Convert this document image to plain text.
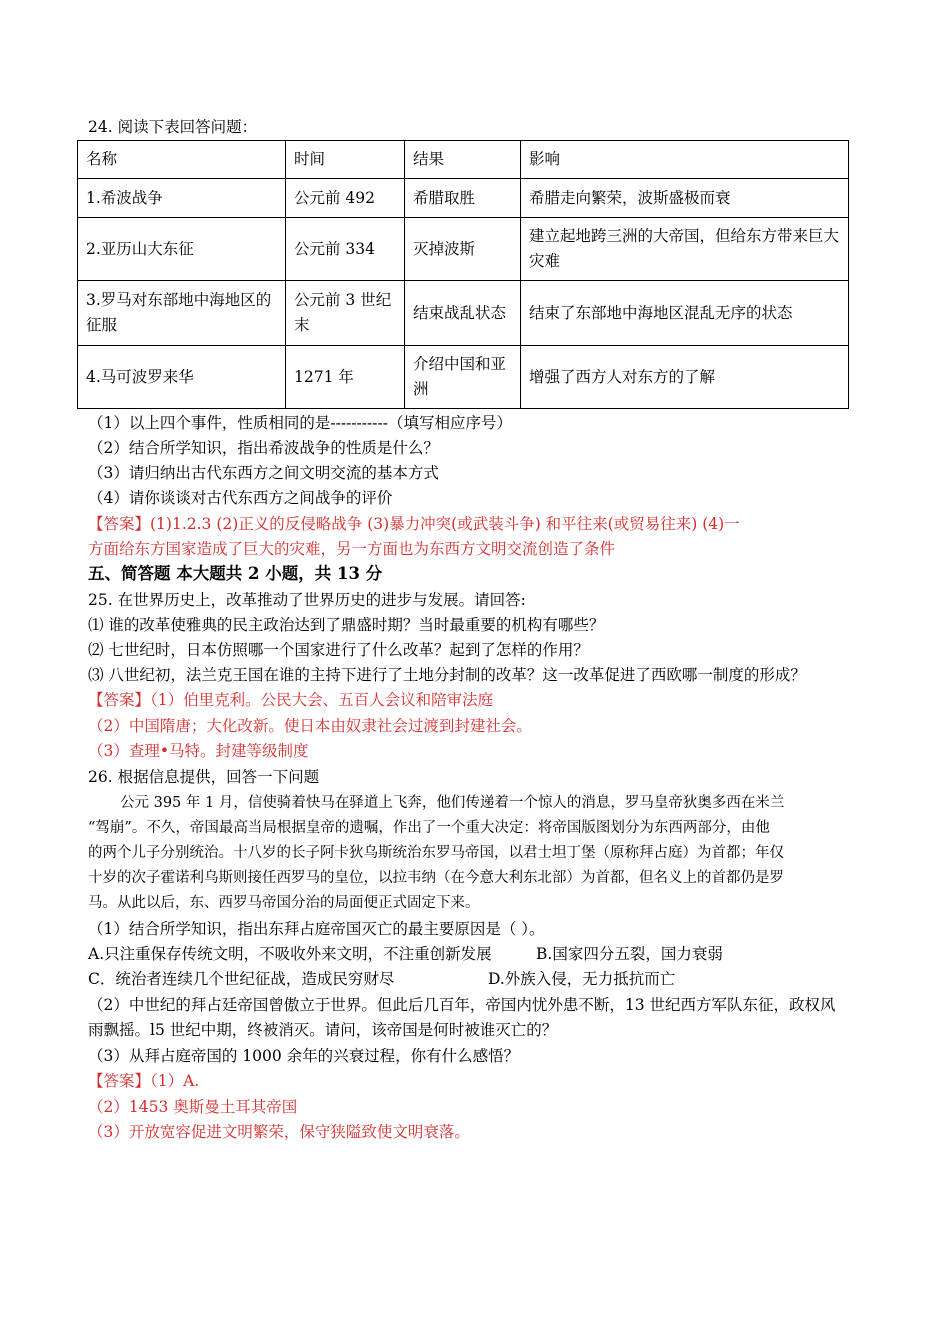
24. 阅读下表回答问题：
名称	时间	结果	影响
1.希波战争	公元前 492	希腊取胜	希腊走向繁荣，波斯盛极而衰
2.亚历山大东征	公元前 334	灭掉波斯	建立起地跨三洲的大帝国，但给东方带来巨大灾难
3.罗马对东部地中海地区的征服	公元前 3 世纪末	结束战乱状态	结束了东部地中海地区混乱无序的状态
4.马可波罗来华	1271 年	介绍中国和亚洲	增强了西方人对东方的了解
（1）以上四个事件，性质相同的是-----------（填写相应序号）
（2）结合所学知识，指出希波战争的性质是什么？
（3）请归纳出古代东西方之间文明交流的基本方式
（4）请你谈谈对古代东西方之间战争的评价
【答案】(1)1.2.3 (2)正义的反侵略战争 (3)暴力冲突(或武装斗争) 和平往来(或贸易往来) (4)一
方面给东方国家造成了巨大的灾难，另一方面也为东西方文明交流创造了条件
五、简答题 本大题共 2 小题，共 13 分
25. 在世界历史上，改革推动了世界历史的进步与发展。请回答:
⑴ 谁的改革使雅典的民主政治达到了鼎盛时期？当时最重要的机构有哪些？
⑵ 七世纪时，日本仿照哪一个国家进行了什么改革？起到了怎样的作用？
⑶ 八世纪初，法兰克王国在谁的主持下进行了土地分封制的改革？这一改革促进了西欧哪一制度的形成？
【答案】（1）伯里克利。公民大会、五百人会议和陪审法庭
（2）中国隋唐；大化改新。使日本由奴隶社会过渡到封建社会。
（3）查理•马特。封建等级制度
26. 根据信息提供，回答一下问题
公元 395 年 1 月，信使骑着快马在驿道上飞奔，他们传递着一个惊人的消息，罗马皇帝狄奥多西在米兰
“驾崩”。不久，帝国最高当局根据皇帝的遗嘱，作出了一个重大决定：将帝国版图划分为东西两部分，由他
的两个儿子分别统治。十八岁的长子阿卡狄乌斯统治东罗马帝国，以君士坦丁堡（原称拜占庭）为首都；年仅
十岁的次子霍诺利乌斯则接任西罗马的皇位，以拉韦纳（在今意大利东北部）为首都，但名义上的首都仍是罗
马。从此以后，东、西罗马帝国分治的局面便正式固定下来。
（1）结合所学知识，指出东拜占庭帝国灭亡的最主要原因是（ ）。
A.只注重保存传统文明，不吸收外来文明，不注重创新发展	B.国家四分五裂，国力衰弱
C．统治者连续几个世纪征战，造成民穷财尽	D.外族入侵，无力抵抗而亡
（2）中世纪的拜占廷帝国曾傲立于世界。但此后几百年，帝国内忧外患不断，13 世纪西方军队东征，政权风
雨飘摇。l5 世纪中期，终被消灭。请问，该帝国是何时被谁灭亡的？
（3）从拜占庭帝国的 1000 余年的兴衰过程，你有什么感悟？
【答案】（1）A.
（2）1453 奥斯曼土耳其帝国
（3）开放宽容促进文明繁荣，保守狭隘致使文明衰落。
